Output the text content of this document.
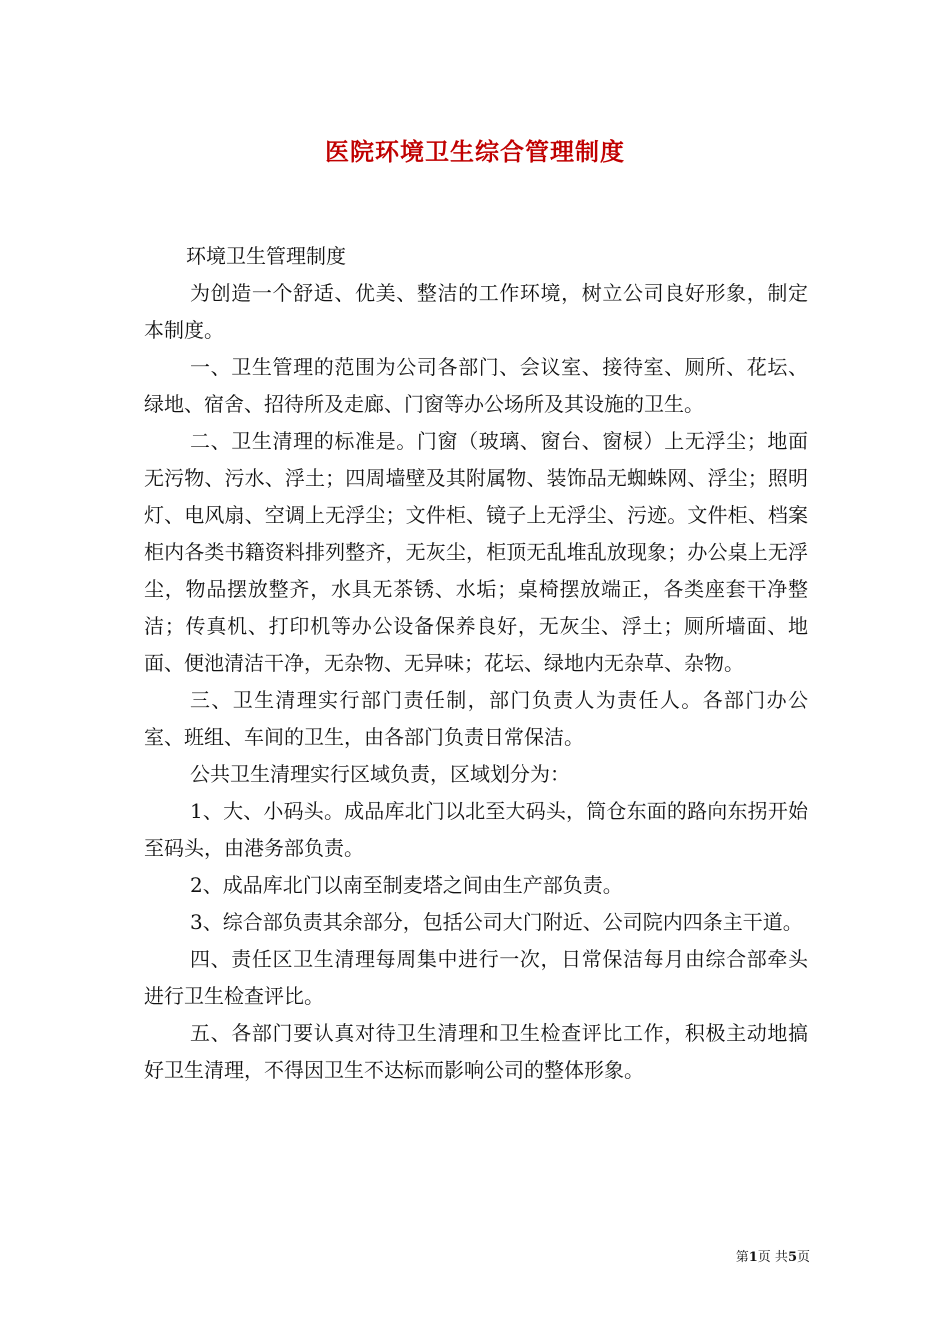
医院环境卫生综合管理制度

环境卫生管理制度

为创造一个舒适、优美、整洁的工作环境，树立公司良好形象，制定本制度。

一、卫生管理的范围为公司各部门、会议室、接待室、厕所、花坛、绿地、宿舍、招待所及走廊、门窗等办公场所及其设施的卫生。

二、卫生清理的标准是。门窗（玻璃、窗台、窗棂）上无浮尘；地面无污物、污水、浮土；四周墙壁及其附属物、装饰品无蜘蛛网、浮尘；照明灯、电风扇、空调上无浮尘；文件柜、镜子上无浮尘、污迹。文件柜、档案柜内各类书籍资料排列整齐，无灰尘，柜顶无乱堆乱放现象；办公桌上无浮尘，物品摆放整齐，水具无茶锈、水垢；桌椅摆放端正，各类座套干净整洁；传真机、打印机等办公设备保养良好，无灰尘、浮土；厕所墙面、地面、便池清洁干净，无杂物、无异味；花坛、绿地内无杂草、杂物。

三、卫生清理实行部门责任制，部门负责人为责任人。各部门办公室、班组、车间的卫生，由各部门负责日常保洁。

公共卫生清理实行区域负责，区域划分为：

1、大、小码头。成品库北门以北至大码头，筒仓东面的路向东拐开始至码头，由港务部负责。

2、成品库北门以南至制麦塔之间由生产部负责。

3、综合部负责其余部分，包括公司大门附近、公司院内四条主干道。

四、责任区卫生清理每周集中进行一次，日常保洁每月由综合部牵头进行卫生检查评比。

五、各部门要认真对待卫生清理和卫生检查评比工作，积极主动地搞好卫生清理，不得因卫生不达标而影响公司的整体形象。

第1页 共5页
